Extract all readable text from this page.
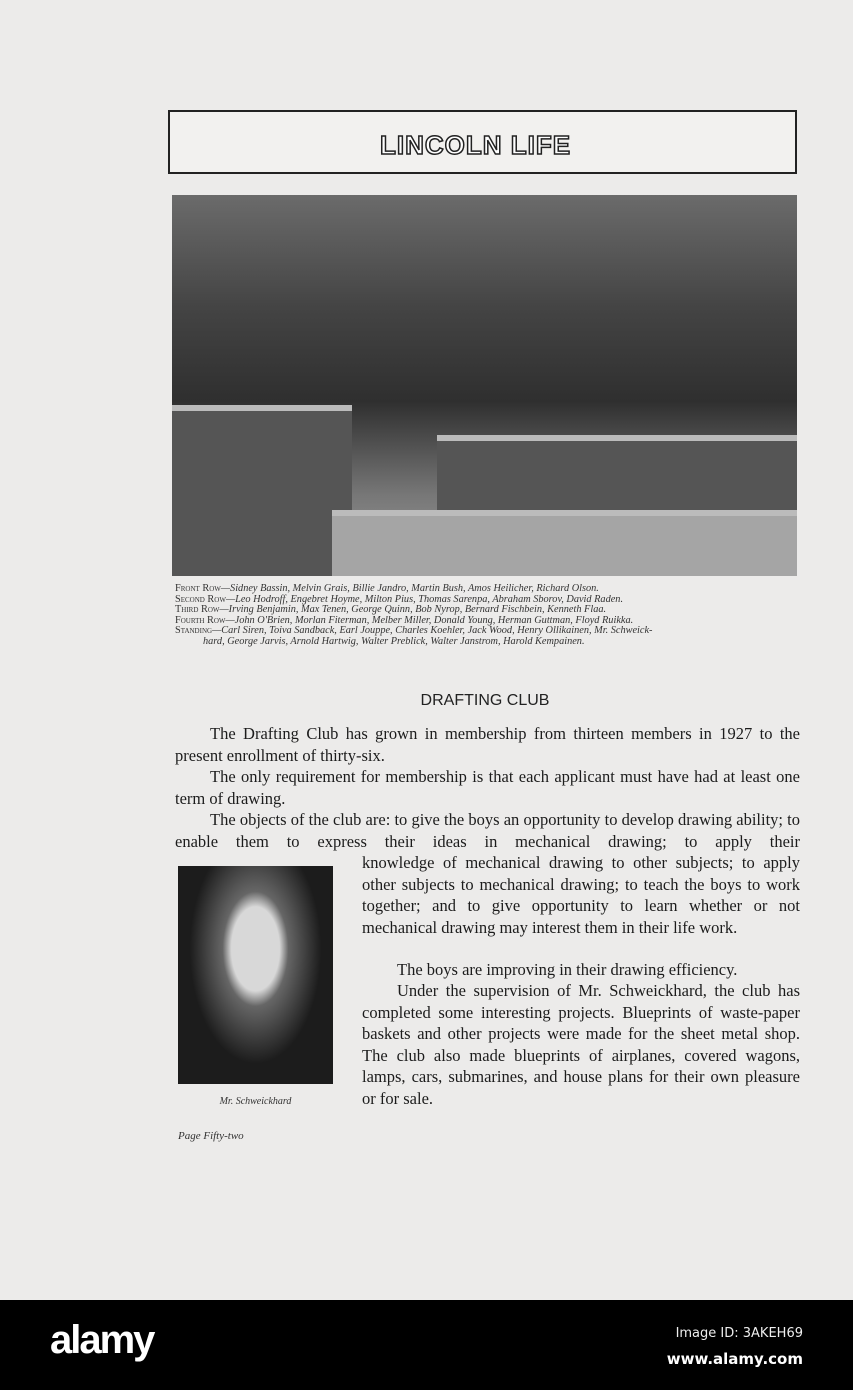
LINCOLN LIFE
Front Row—Sidney Bassin, Melvin Grais, Billie Jandro, Martin Bush, Amos Heilicher, Richard Olson.
Second Row—Leo Hodroff, Engebret Hoyme, Milton Pius, Thomas Sarenpa, Abraham Sborov, David Raden.
Third Row—Irving Benjamin, Max Tenen, George Quinn, Bob Nyrop, Bernard Fischbein, Kenneth Flaa.
Fourth Row—John O'Brien, Morlan Fiterman, Melber Miller, Donald Young, Herman Guttman, Floyd Ruikka.
Standing—Carl Siren, Toiva Sandback, Earl Jouppe, Charles Koehler, Jack Wood, Henry Ollikainen, Mr. Schweick-
hard, George Jarvis, Arnold Hartwig, Walter Preblick, Walter Janstrom, Harold Kempainen.
DRAFTING CLUB
The Drafting Club has grown in membership from thirteen members in 1927 to the present enrollment of thirty-six.
The only requirement for membership is that each applicant must have had at least one term of drawing.
The objects of the club are: to give the boys an opportunity to develop drawing ability; to enable them to express their ideas in mechanical drawing; to apply their
knowledge of mechanical drawing to other subjects; to apply other subjects to mechanical drawing; to teach the boys to work together; and to give opportunity to learn whether or not mechanical drawing may interest them in their life work.
The boys are improving in their drawing efficiency.
Under the supervision of Mr. Schweickhard, the club has completed some interesting projects. Blueprints of waste-paper baskets and other projects were made for the sheet metal shop. The club also made blueprints of airplanes, covered wagons, lamps, cars, submarines, and house plans for their own pleasure or for sale.
Mr. Schweickhard
Page Fifty-two
alamy	Image ID: 3AKEH69
www.alamy.com
